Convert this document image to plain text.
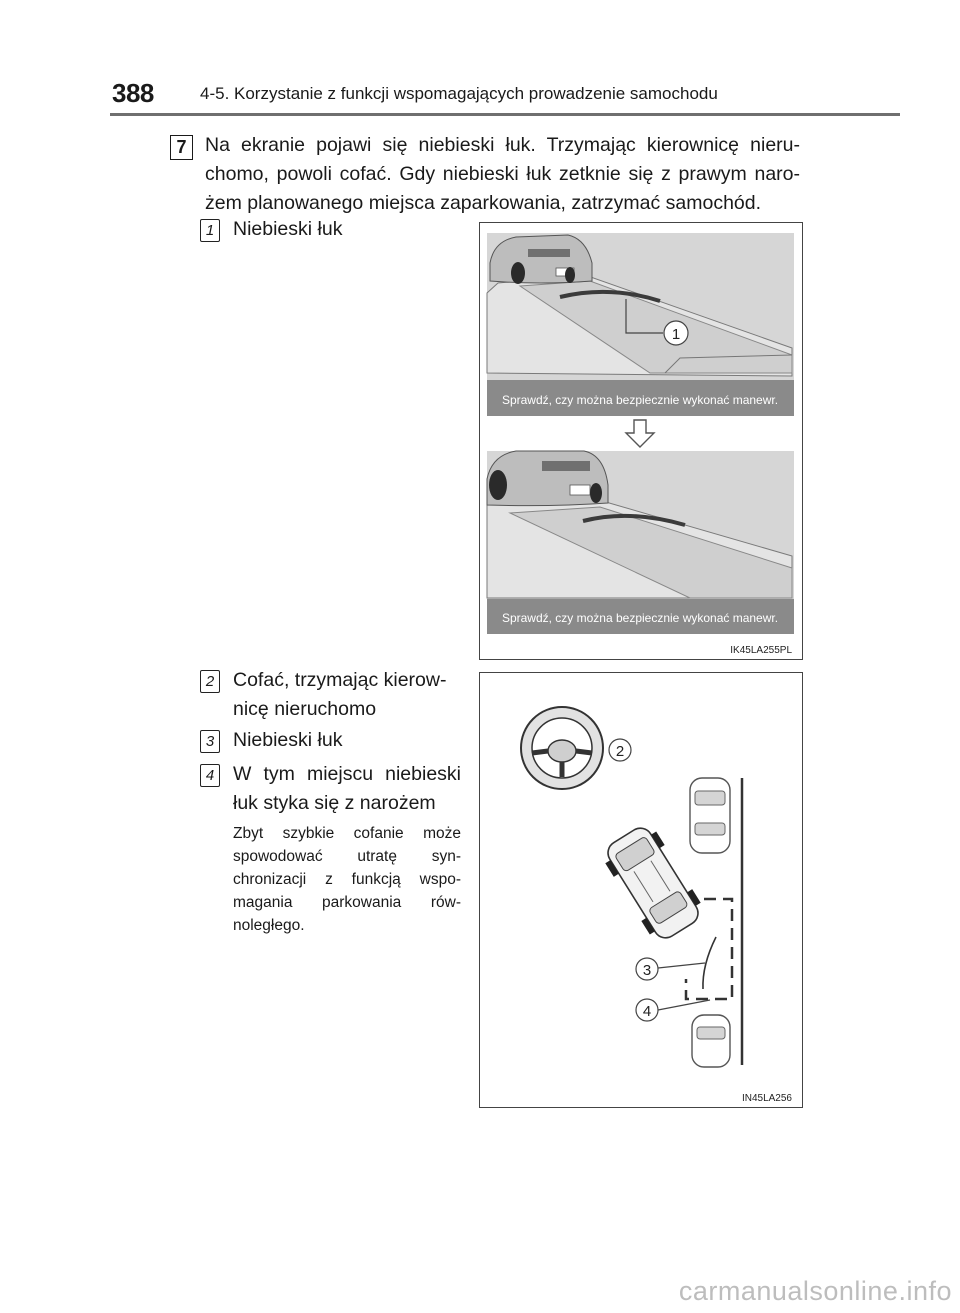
388	4-5. Korzystanie z funkcji wspomagających prowadzenie samochodu
7 Na ekranie pojawi się niebieski łuk. Trzymając kierownicę nieru-chomo, powoli cofać. Gdy niebieski łuk zetknie się z prawym naro-żem planowanego miejsca zaparkowania, zatrzymać samochód.
1 Niebieski łuk
2 Cofać, trzymając kierow-
nicę nieruchomo
3 Niebieski łuk
4 W tym miejscu niebieski
łuk styka się z narożem
Zbyt szybkie cofanie może
spowodować utratę syn-
chronizacji z funkcją wspo-
magania parkowania rów-
noległego.
1
Sprawdź, czy można bezpiecznie wykonać manewr.
Sprawdź, czy można bezpiecznie wykonać manewr.
IK45LA255PL
2
3
4
IN45LA256
carmanualsonline.info
